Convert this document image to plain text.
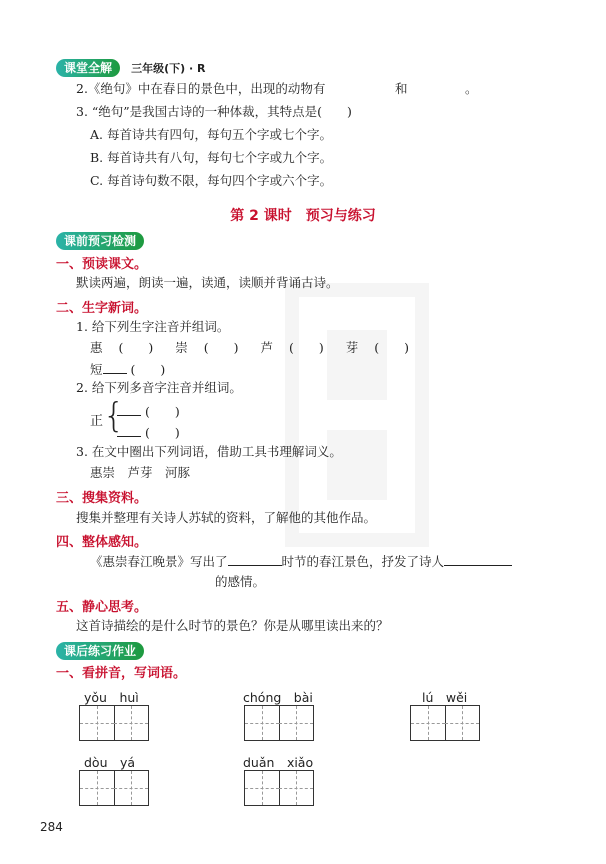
课堂全解 三年级(下) · R
2.《绝句》中在春日的景色中，出现的动物有	和	。
3. “绝句”是我国古诗的一种体裁，其特点是(　　)
A. 每首诗共有四句，每句五个字或七个字。
B. 每首诗共有八句，每句七个字或九个字。
C. 每首诗句数不限，每句四个字或六个字。
第 2 课时　预习与练习
课前预习检测
一、预读课文。
默读两遍，朗读一遍，读通，读顺并背诵古诗。
二、生字新词。
1. 给下列生字注音并组词。
惠 (　　) 崇 (　　) 芦 (　　) 芽 (　　)
短 (　　)
2. 给下列多音字注音并组词。
正 {	(　　)
(　　)
3. 在文中圈出下列词语，借助工具书理解词义。
惠崇　芦芽　河豚
三、搜集资料。
搜集并整理有关诗人苏轼的资料，了解他的其他作品。
四、整体感知。
《惠崇春江晚景》写出了	时节的春江景色，抒发了诗人
的感情。
五、静心思考。
这首诗描绘的是什么时节的景色？你是从哪里读出来的？
课后练习作业
一、看拼音，写词语。
yǒu　huì	chóng　bài	lú　wěi
dòu　yá	duǎn　xiǎo
284
